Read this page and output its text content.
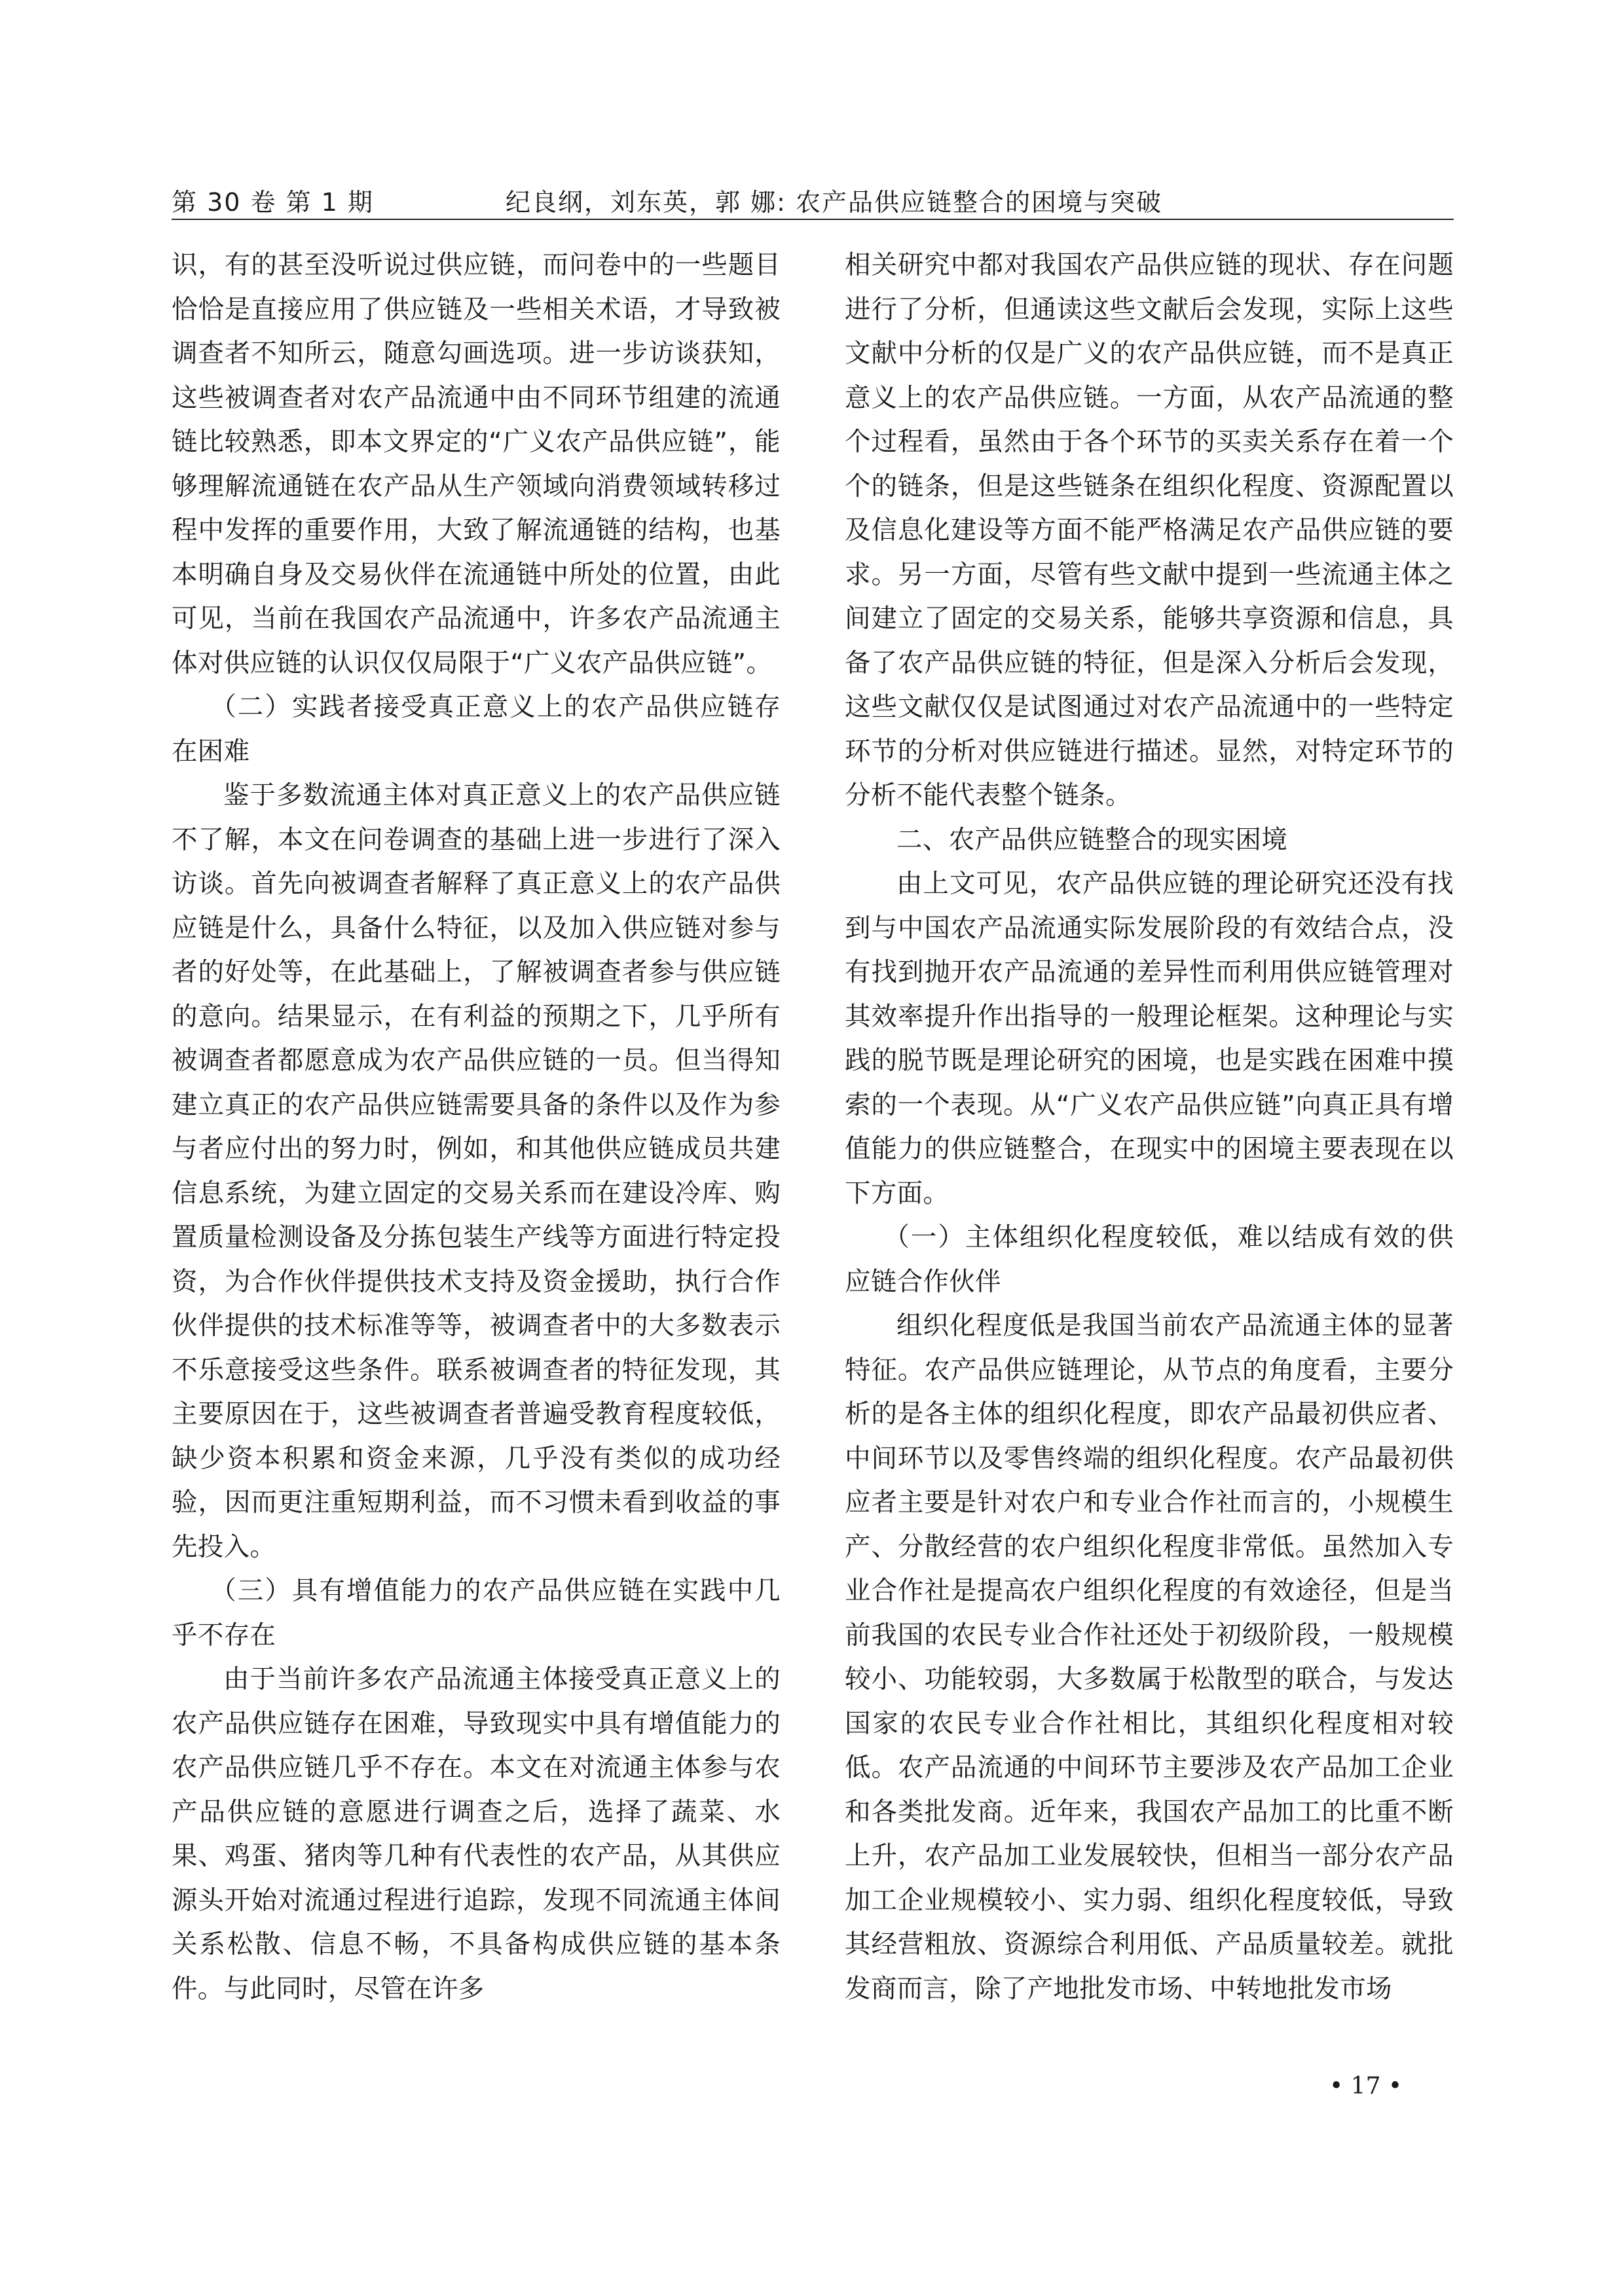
第 30 卷 第 1 期	纪良纲，刘东英，郭 娜: 农产品供应链整合的困境与突破

识，有的甚至没听说过供应链，而问卷中的一些题目恰恰是直接应用了供应链及一些相关术语，才导致被调查者不知所云，随意勾画选项。进一步访谈获知，这些被调查者对农产品流通中由不同环节组建的流通链比较熟悉，即本文界定的“广义农产品供应链”，能够理解流通链在农产品从生产领域向消费领域转移过程中发挥的重要作用，大致了解流通链的结构，也基本明确自身及交易伙伴在流通链中所处的位置，由此可见，当前在我国农产品流通中，许多农产品流通主体对供应链的认识仅仅局限于“广义农产品供应链”。

（二）实践者接受真正意义上的农产品供应链存在困难

鉴于多数流通主体对真正意义上的农产品供应链不了解，本文在问卷调查的基础上进一步进行了深入访谈。首先向被调查者解释了真正意义上的农产品供应链是什么，具备什么特征，以及加入供应链对参与者的好处等，在此基础上，了解被调查者参与供应链的意向。结果显示，在有利益的预期之下，几乎所有被调查者都愿意成为农产品供应链的一员。但当得知建立真正的农产品供应链需要具备的条件以及作为参与者应付出的努力时，例如，和其他供应链成员共建信息系统，为建立固定的交易关系而在建设冷库、购置质量检测设备及分拣包装生产线等方面进行特定投资，为合作伙伴提供技术支持及资金援助，执行合作伙伴提供的技术标准等等，被调查者中的大多数表示不乐意接受这些条件。联系被调查者的特征发现，其主要原因在于，这些被调查者普遍受教育程度较低，缺少资本积累和资金来源，几乎没有类似的成功经验，因而更注重短期利益，而不习惯未看到收益的事先投入。

（三）具有增值能力的农产品供应链在实践中几乎不存在

由于当前许多农产品流通主体接受真正意义上的农产品供应链存在困难，导致现实中具有增值能力的农产品供应链几乎不存在。本文在对流通主体参与农产品供应链的意愿进行调查之后，选择了蔬菜、水果、鸡蛋、猪肉等几种有代表性的农产品，从其供应源头开始对流通过程进行追踪，发现不同流通主体间关系松散、信息不畅，不具备构成供应链的基本条件。与此同时，尽管在许多

相关研究中都对我国农产品供应链的现状、存在问题进行了分析，但通读这些文献后会发现，实际上这些文献中分析的仅是广义的农产品供应链，而不是真正意义上的农产品供应链。一方面，从农产品流通的整个过程看，虽然由于各个环节的买卖关系存在着一个个的链条，但是这些链条在组织化程度、资源配置以及信息化建设等方面不能严格满足农产品供应链的要求。另一方面，尽管有些文献中提到一些流通主体之间建立了固定的交易关系，能够共享资源和信息，具备了农产品供应链的特征，但是深入分析后会发现，这些文献仅仅是试图通过对农产品流通中的一些特定环节的分析对供应链进行描述。显然，对特定环节的分析不能代表整个链条。

二、农产品供应链整合的现实困境

由上文可见，农产品供应链的理论研究还没有找到与中国农产品流通实际发展阶段的有效结合点，没有找到抛开农产品流通的差异性而利用供应链管理对其效率提升作出指导的一般理论框架。这种理论与实践的脱节既是理论研究的困境，也是实践在困难中摸索的一个表现。从“广义农产品供应链”向真正具有增值能力的供应链整合，在现实中的困境主要表现在以下方面。

（一）主体组织化程度较低，难以结成有效的供应链合作伙伴

组织化程度低是我国当前农产品流通主体的显著特征。农产品供应链理论，从节点的角度看，主要分析的是各主体的组织化程度，即农产品最初供应者、中间环节以及零售终端的组织化程度。农产品最初供应者主要是针对农户和专业合作社而言的，小规模生产、分散经营的农户组织化程度非常低。虽然加入专业合作社是提高农户组织化程度的有效途径，但是当前我国的农民专业合作社还处于初级阶段，一般规模较小、功能较弱，大多数属于松散型的联合，与发达国家的农民专业合作社相比，其组织化程度相对较低。农产品流通的中间环节主要涉及农产品加工企业和各类批发商。近年来，我国农产品加工的比重不断上升，农产品加工业发展较快，但相当一部分农产品加工企业规模较小、实力弱、组织化程度较低，导致其经营粗放、资源综合利用低、产品质量较差。就批发商而言，除了产地批发市场、中转地批发市场

• 17 •
